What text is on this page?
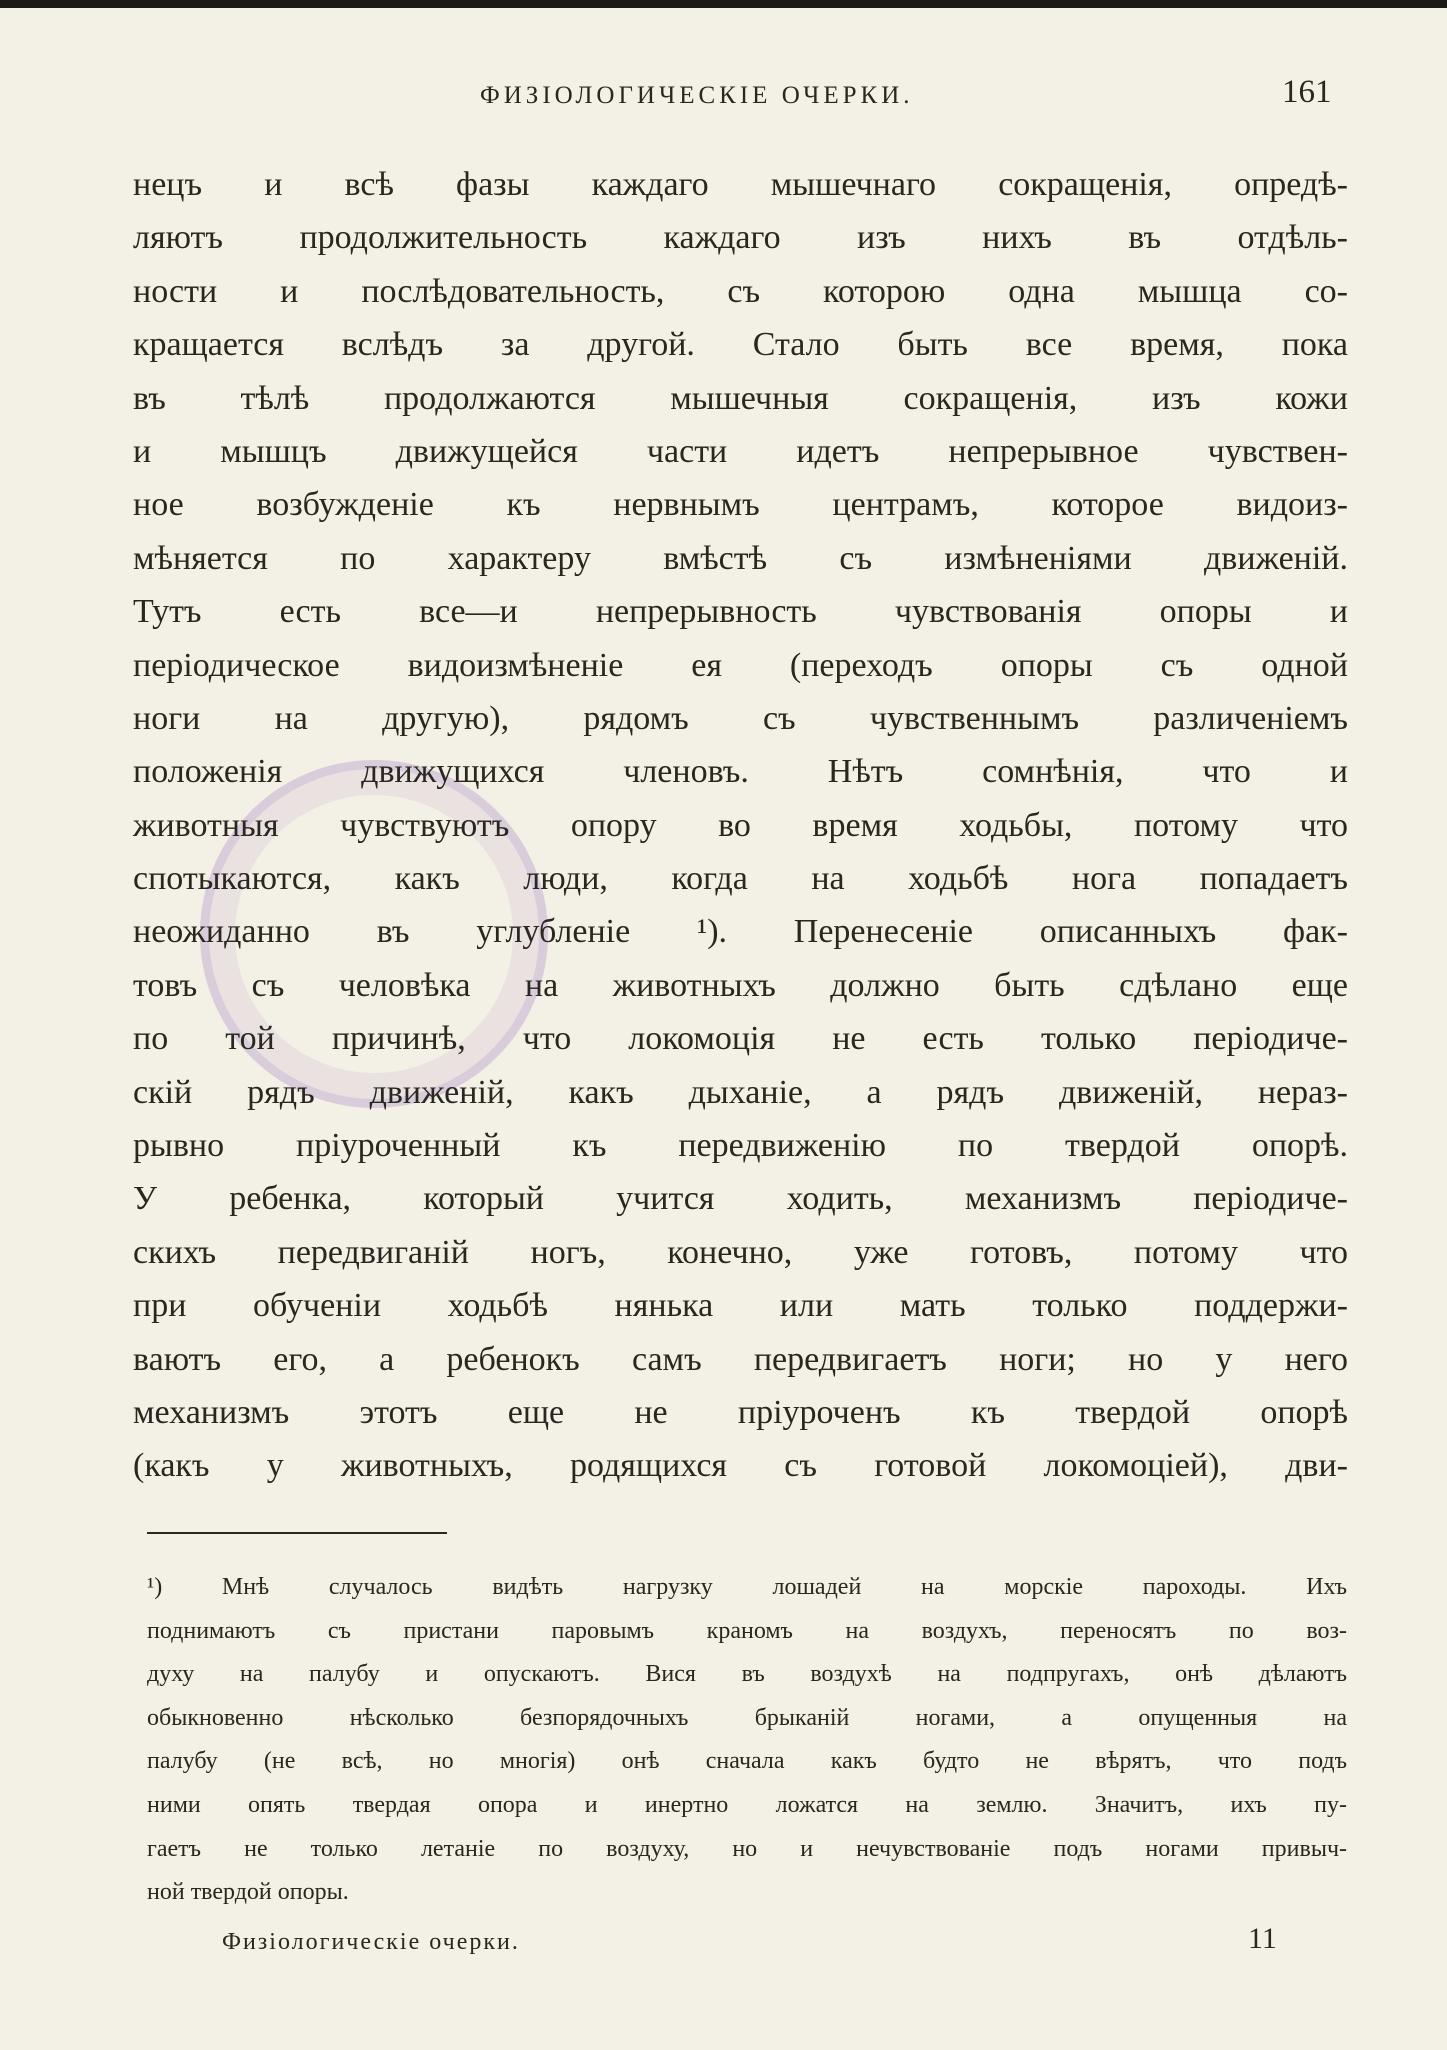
ФИЗІОЛОГИЧЕСКІЕ ОЧЕРКИ.	161
нецъ и всѣ фазы каждаго мышечнаго сокращенія, опредѣ-
ляютъ продолжительность каждаго изъ нихъ въ отдѣль-
ности и послѣдовательность, съ которою одна мышца со-
кращается вслѣдъ за другой. Стало быть все время, пока
въ тѣлѣ продолжаются мышечныя сокращенія, изъ кожи
и мышцъ движущейся части идетъ непрерывное чувствен-
ное возбужденіе къ нервнымъ центрамъ, которое видоиз-
мѣняется по характеру вмѣстѣ съ измѣненіями движеній.
Тутъ есть все—и непрерывность чувствованія опоры и
періодическое видоизмѣненіе ея (переходъ опоры съ одной
ноги на другую), рядомъ съ чувственнымъ различеніемъ
положенія движущихся членовъ. Нѣтъ сомнѣнія, что и
животныя чувствуютъ опору во время ходьбы, потому что
спотыкаются, какъ люди, когда на ходьбѣ нога попадаетъ
неожиданно въ углубленіе ¹). Перенесеніе описанныхъ фак-
товъ съ человѣка на животныхъ должно быть сдѣлано еще
по той причинѣ, что локомоція не есть только періодиче-
скій рядъ движеній, какъ дыханіе, а рядъ движеній, нераз-
рывно пріуроченный къ передвиженію по твердой опорѣ.
У ребенка, который учится ходить, механизмъ періодиче-
скихъ передвиганій ногъ, конечно, уже готовъ, потому что
при обученіи ходьбѣ нянька или мать только поддержи-
ваютъ его, а ребенокъ самъ передвигаетъ ноги; но у него
механизмъ этотъ еще не пріуроченъ къ твердой опорѣ
(какъ у животныхъ, родящихся съ готовой локомоціей), дви-
¹) Мнѣ случалось видѣть нагрузку лошадей на морскіе пароходы. Ихъ
поднимаютъ съ пристани паровымъ краномъ на воздухъ, переносятъ по воз-
духу на палубу и опускаютъ. Вися въ воздухѣ на подпругахъ, онѣ дѣлаютъ
обыкновенно нѣсколько безпорядочныхъ брыканій ногами, а опущенныя на
палубу (не всѣ, но многія) онѣ сначала какъ будто не вѣрятъ, что подъ
ними опять твердая опора и инертно ложатся на землю. Значитъ, ихъ пу-
гаетъ не только летаніе по воздуху, но и нечувствованіе подъ ногами привыч-
ной твердой опоры.
Физіологическіе очерки.	11
